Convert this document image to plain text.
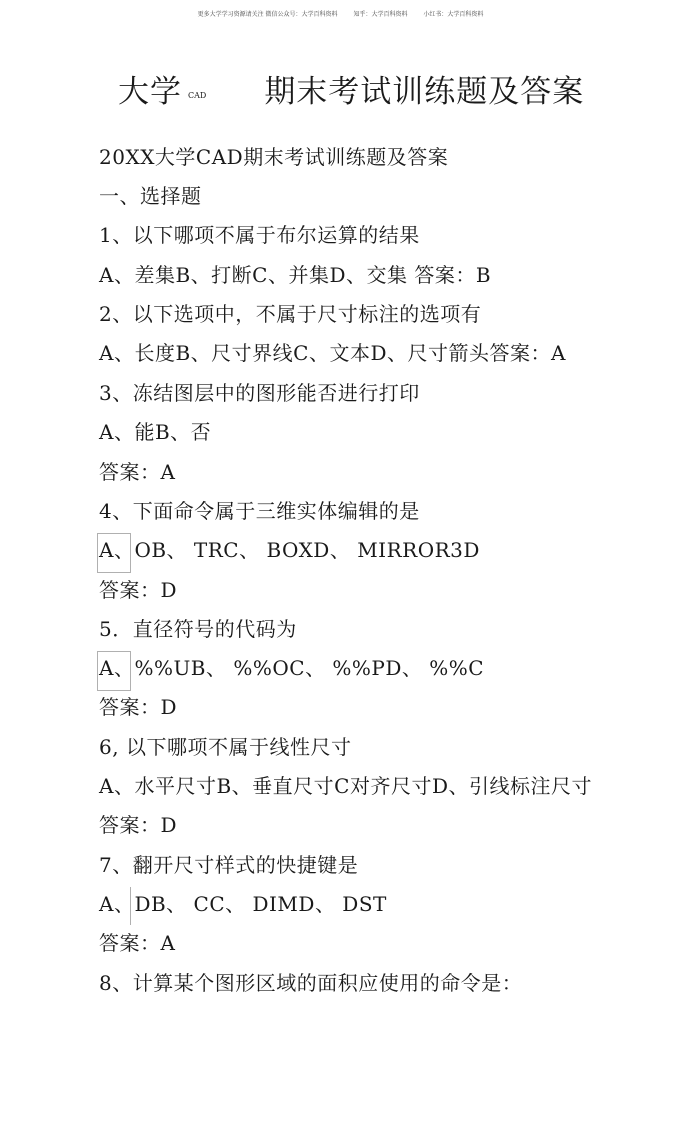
更多大学学习资源请关注 微信公众号：大学百科资料	知乎：大学百科资料	小红书：大学百科资料
大学 CAD 期末考试训练题及答案
20XX大学CAD期末考试训练题及答案
一、选择题
1、以下哪项不属于布尔运算的结果
A、差集B、打断C、并集D、交集 答案：B
2、以下选项中，不属于尺寸标注的选项有
A、长度B、尺寸界线C、文本D、尺寸箭头答案：A
3、冻结图层中的图形能否进行打印
A、能B、否
答案：A
4、下面命令属于三维实体编辑的是
A、OB、 TRC、 BOXD、 MIRROR3D
答案：D
5．直径符号的代码为
A、%%UB、 %%OC、 %%PD、 %%C
答案：D
6, 以下哪项不属于线性尺寸
A、水平尺寸B、垂直尺寸C对齐尺寸D、引线标注尺寸
答案：D
7、翻开尺寸样式的快捷键是
A、DB、 CC、 DIMD、 DST
答案：A
8、计算某个图形区域的面积应使用的命令是：
